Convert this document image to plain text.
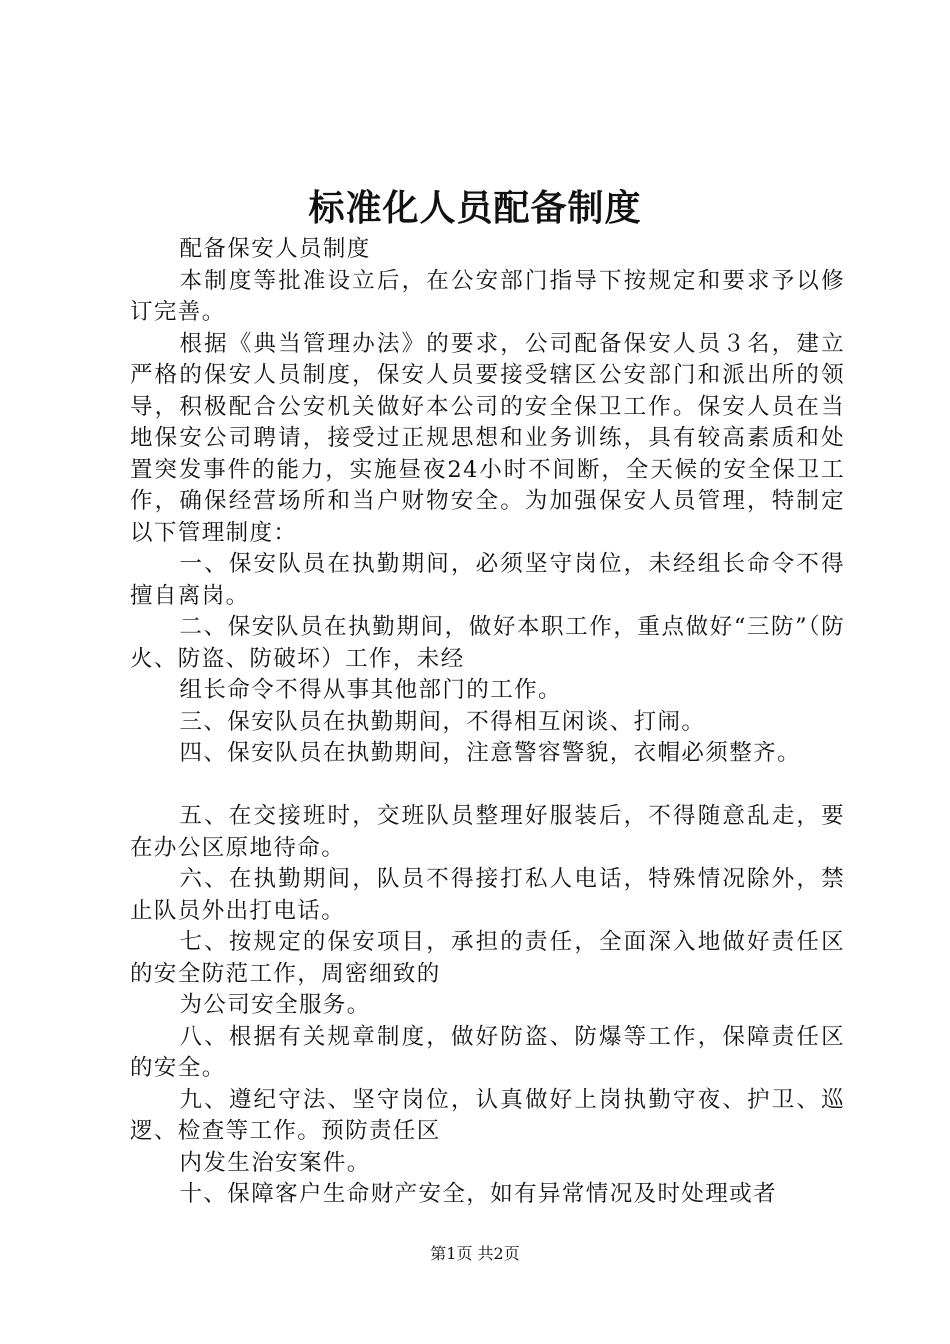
标准化人员配备制度

配备保安人员制度

本制度等批准设立后，在公安部门指导下按规定和要求予以修订完善。

根据《典当管理办法》的要求，公司配备保安人员３名，建立严格的保安人员制度，保安人员要接受辖区公安部门和派出所的领导，积极配合公安机关做好本公司的安全保卫工作。保安人员在当地保安公司聘请，接受过正规思想和业务训练，具有较高素质和处置突发事件的能力，实施昼夜24小时不间断，全天候的安全保卫工作，确保经营场所和当户财物安全。为加强保安人员管理，特制定以下管理制度：

一、保安队员在执勤期间，必须坚守岗位，未经组长命令不得擅自离岗。

二、保安队员在执勤期间，做好本职工作，重点做好“三防”（防火、防盗、防破坏）工作，未经

组长命令不得从事其他部门的工作。

三、保安队员在执勤期间，不得相互闲谈、打闹。

四、保安队员在执勤期间，注意警容警貌，衣帽必须整齐。

五、在交接班时，交班队员整理好服装后，不得随意乱走，要在办公区原地待命。

六、在执勤期间，队员不得接打私人电话，特殊情况除外，禁止队员外出打电话。

七、按规定的保安项目，承担的责任，全面深入地做好责任区的安全防范工作，周密细致的

为公司安全服务。

八、根据有关规章制度，做好防盗、防爆等工作，保障责任区的安全。

九、遵纪守法、坚守岗位，认真做好上岗执勤守夜、护卫、巡逻、检查等工作。预防责任区

内发生治安案件。

十、保障客户生命财产安全，如有异常情况及时处理或者

第1页 共2页
